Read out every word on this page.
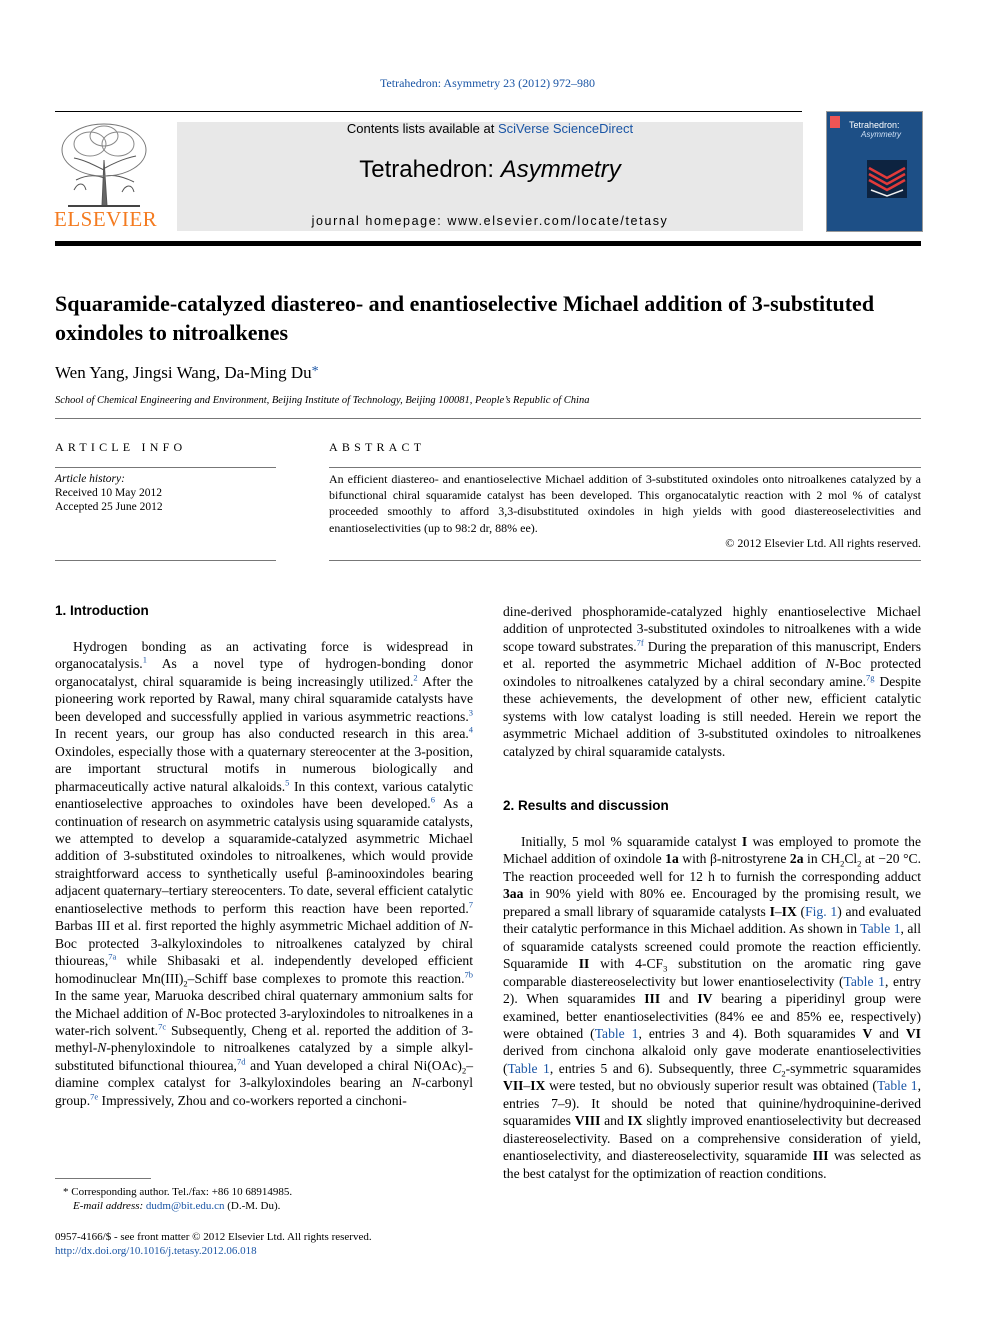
Tetrahedron: Asymmetry 23 (2012) 972–980
ELSEVIER
Contents lists available at SciVerse ScienceDirect
Tetrahedron: Asymmetry
journal homepage: www.elsevier.com/locate/tetasy
Tetrahedron:
Asymmetry
Squaramide-catalyzed diastereo- and enantioselective Michael addition of 3-substituted oxindoles to nitroalkenes
Wen Yang, Jingsi Wang, Da-Ming Du*
School of Chemical Engineering and Environment, Beijing Institute of Technology, Beijing 100081, People’s Republic of China
ARTICLE INFO
Article history:
Received 10 May 2012
Accepted 25 June 2012
ABSTRACT
An efficient diastereo- and enantioselective Michael addition of 3-substituted oxindoles onto nitroalkenes catalyzed by a bifunctional chiral squaramide catalyst has been developed. This organocatalytic reaction with 2 mol % of catalyst proceeded smoothly to afford 3,3-disubstituted oxindoles in high yields with good diastereoselectivities and enantioselectivities (up to 98:2 dr, 88% ee).
© 2012 Elsevier Ltd. All rights reserved.
1. Introduction

Hydrogen bonding as an activating force is widespread in organocatalysis.$^1$ As a novel type of hydrogen-bonding donor organocatalyst, chiral squaramide is being increasingly utilized.$^2$ After the pioneering work reported by Rawal, many chiral squaramide catalysts have been developed and successfully applied in various asymmetric reactions.$^3$ In recent years, our group has also conducted research in this area.$^4$ Oxindoles, especially those with a quaternary stereocenter at the 3-position, are important structural motifs in numerous biologically and pharmaceutically active natural alkaloids.$^5$ In this context, various catalytic enantioselective approaches to oxindoles have been developed.$^6$ As a continuation of research on asymmetric catalysis using squaramide catalysts, we attempted to develop a squaramide-catalyzed asymmetric Michael addition of 3-substituted oxindoles to nitroalkenes, which would provide straightforward access to synthetically useful β-aminooxindoles bearing adjacent quaternary–tertiary stereocenters. To date, several efficient catalytic enantioselective methods to perform this reaction have been reported.$^7$ Barbas III et al. first reported the highly asymmetric Michael addition of N-Boc protected 3-alkyloxindoles to nitroalkenes catalyzed by chiral thioureas,$^{7a}$ while Shibasaki et al. independently developed efficient homodinuclear $Mn(III)_2$–Schiff base complexes to promote this reaction.$^{7b}$ In the same year, Maruoka described chiral quaternary ammonium salts for the Michael addition of N-Boc protected 3-aryloxindoles to nitroalkenes in a water-rich solvent.$^{7c}$ Subsequently, Cheng et al. reported the addition of 3-methyl-N-phenyloxindole to nitroalkenes catalyzed by a simple alkyl-substituted bifunctional thiourea,$^{7d}$ and Yuan developed a chiral $Ni(OAc)_2$–diamine complex catalyst for 3-alkyloxindoles bearing an N-carbonyl group.$^{7e}$ Impressively, Zhou and co-workers reported a cinchoni-

* Corresponding author. Tel./fax: +86 10 68914985.
E-mail address: dudm@bit.edu.cn (D.-M. Du).
0957-4166/$ - see front matter © 2012 Elsevier Ltd. All rights reserved.
http://dx.doi.org/10.1016/j.tetasy.2012.06.018

dine-derived phosphoramide-catalyzed highly enantioselective Michael addition of unprotected 3-substituted oxindoles to nitroalkenes with a wide scope toward substrates.$^{7f}$ During the preparation of this manuscript, Enders et al. reported the asymmetric Michael addition of N-Boc protected oxindoles to nitroalkenes catalyzed by a chiral secondary amine.$^{7g}$ Despite these achievements, the development of other new, efficient catalytic systems with low catalyst loading is still needed. Herein we report the asymmetric Michael addition of 3-substituted oxindoles to nitroalkenes catalyzed by chiral squaramide catalysts.

2. Results and discussion

Initially, 5 mol % squaramide catalyst I was employed to promote the Michael addition of oxindole 1a with β-nitrostyrene 2a in $CH_2Cl_2$ at −20 °C. The reaction proceeded well for 12 h to furnish the corresponding adduct 3aa in 90% yield with 80% ee. Encouraged by the promising result, we prepared a small library of squaramide catalysts I–IX (Fig. 1) and evaluated their catalytic performance in this Michael addition. As shown in Table 1, all of squaramide catalysts screened could promote the reaction efficiently. Squaramide II with $4-CF_3$ substitution on the aromatic ring gave comparable diastereoselectivity but lower enantioselectivity (Table 1, entry 2). When squaramides III and IV bearing a piperidinyl group were examined, better enantioselectivities (84% ee and 85% ee, respectively) were obtained (Table 1, entries 3 and 4). Both squaramides V and VI derived from cinchona alkaloid only gave moderate enantioselectivities (Table 1, entries 5 and 6). Subsequently, three $C_2$-symmetric squaramides VII–IX were tested, but no obviously superior result was obtained (Table 1, entries 7–9). It should be noted that quinine/hydroquinine-derived squaramides VIII and IX slightly improved enantioselectivity but decreased diastereoselectivity. Based on a comprehensive consideration of yield, enantioselectivity, and diastereoselectivity, squaramide III was selected as the best catalyst for the optimization of reaction conditions.
